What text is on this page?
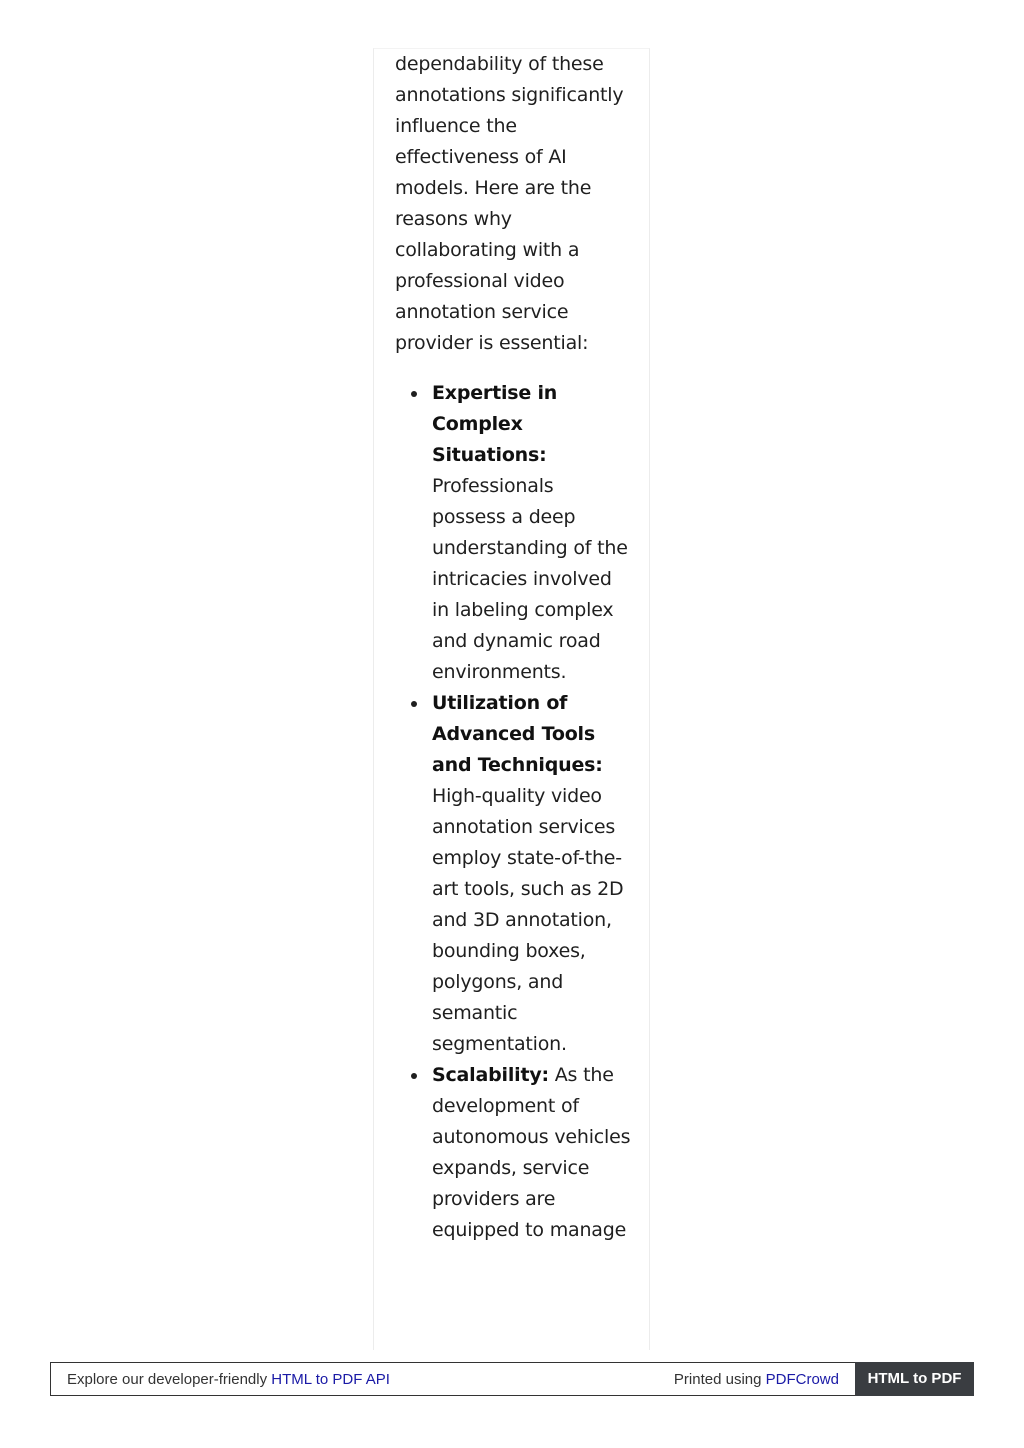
dependability of these annotations significantly influence the effectiveness of AI models. Here are the reasons why collaborating with a professional video annotation service provider is essential:

Expertise in Complex Situations: Professionals possess a deep understanding of the intricacies involved in labeling complex and dynamic road environments.
Utilization of Advanced Tools and Techniques: High-quality video annotation services employ state-of-the-art tools, such as 2D and 3D annotation, bounding boxes, polygons, and semantic segmentation.
Scalability: As the development of autonomous vehicles expands, service providers are equipped to manage
Explore our developer-friendly HTML to PDF API	Printed using PDFCrowd	HTML to PDF
